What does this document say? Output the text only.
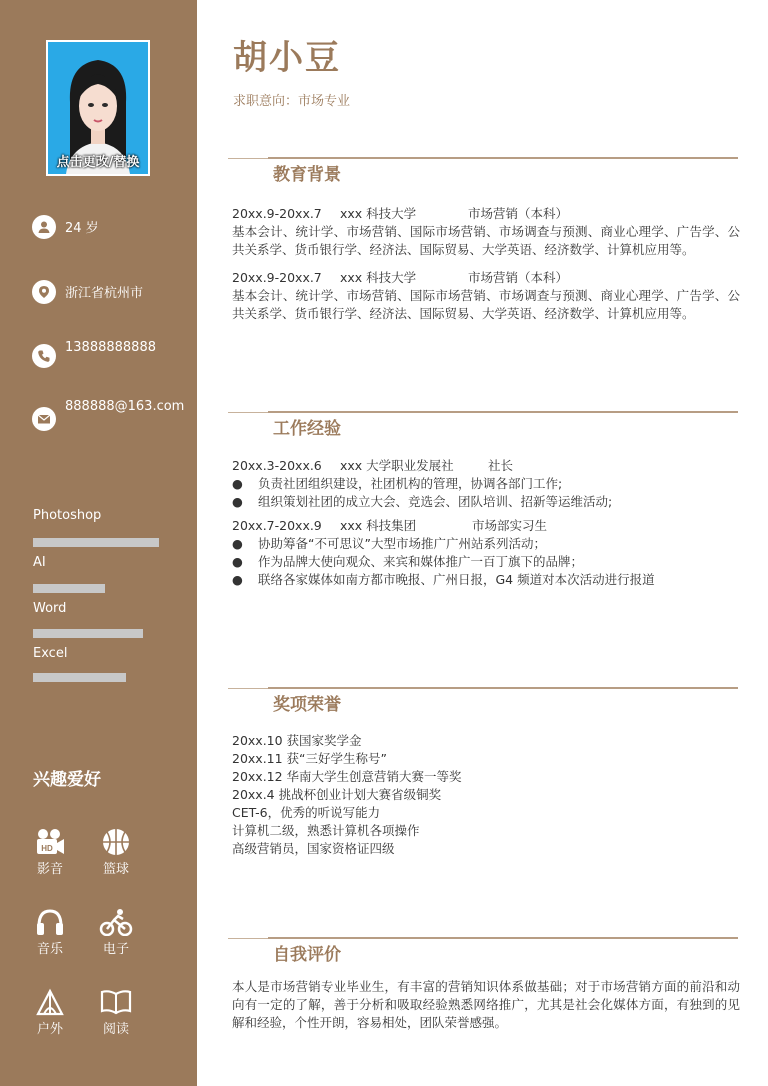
点击更改/替换
24 岁
浙江省杭州市
13888888888
888888@163.com
Photoshop
AI
Word
Excel
兴趣爱好
HD
影音	篮球
音乐	电子
户外	阅读
胡小豆
求职意向：市场专业
教育背景
20xx.9-20xx.7 xxx 科技大学	市场营销（本科）
基本会计、统计学、市场营销、国际市场营销、市场调查与预测、商业心理学、广告学、公共关系学、货币银行学、经济法、国际贸易、大学英语、经济数学、计算机应用等。
20xx.9-20xx.7 xxx 科技大学	市场营销（本科）
基本会计、统计学、市场营销、国际市场营销、市场调查与预测、商业心理学、广告学、公共关系学、货币银行学、经济法、国际贸易、大学英语、经济数学、计算机应用等。
工作经验
20xx.3-20xx.6 xxx 大学职业发展社	社长
●	负责社团组织建设，社团机构的管理，协调各部门工作;
●	组织策划社团的成立大会、竞选会、团队培训、招新等运维活动;
20xx.7-20xx.9 xxx 科技集团	市场部实习生
●	协助筹备“不可思议”大型市场推广广州站系列活动；
●	作为品牌大使向观众、来宾和媒体推广一百丁旗下的品牌；
●	联络各家媒体如南方都市晚报、广州日报，G4 频道对本次活动进行报道
奖项荣誉
20xx.10 获国家奖学金
20xx.11 获“三好学生称号”
20xx.12 华南大学生创意营销大赛一等奖
20xx.4 挑战杯创业计划大赛省级铜奖
CET-6，优秀的听说写能力
计算机二级，熟悉计算机各项操作
高级营销员，国家资格证四级
自我评价
本人是市场营销专业毕业生，有丰富的营销知识体系做基础；对于市场营销方面的前沿和动向有一定的了解，善于分析和吸取经验熟悉网络推广，尤其是社会化媒体方面，有独到的见解和经验，个性开朗，容易相处，团队荣誉感强。
